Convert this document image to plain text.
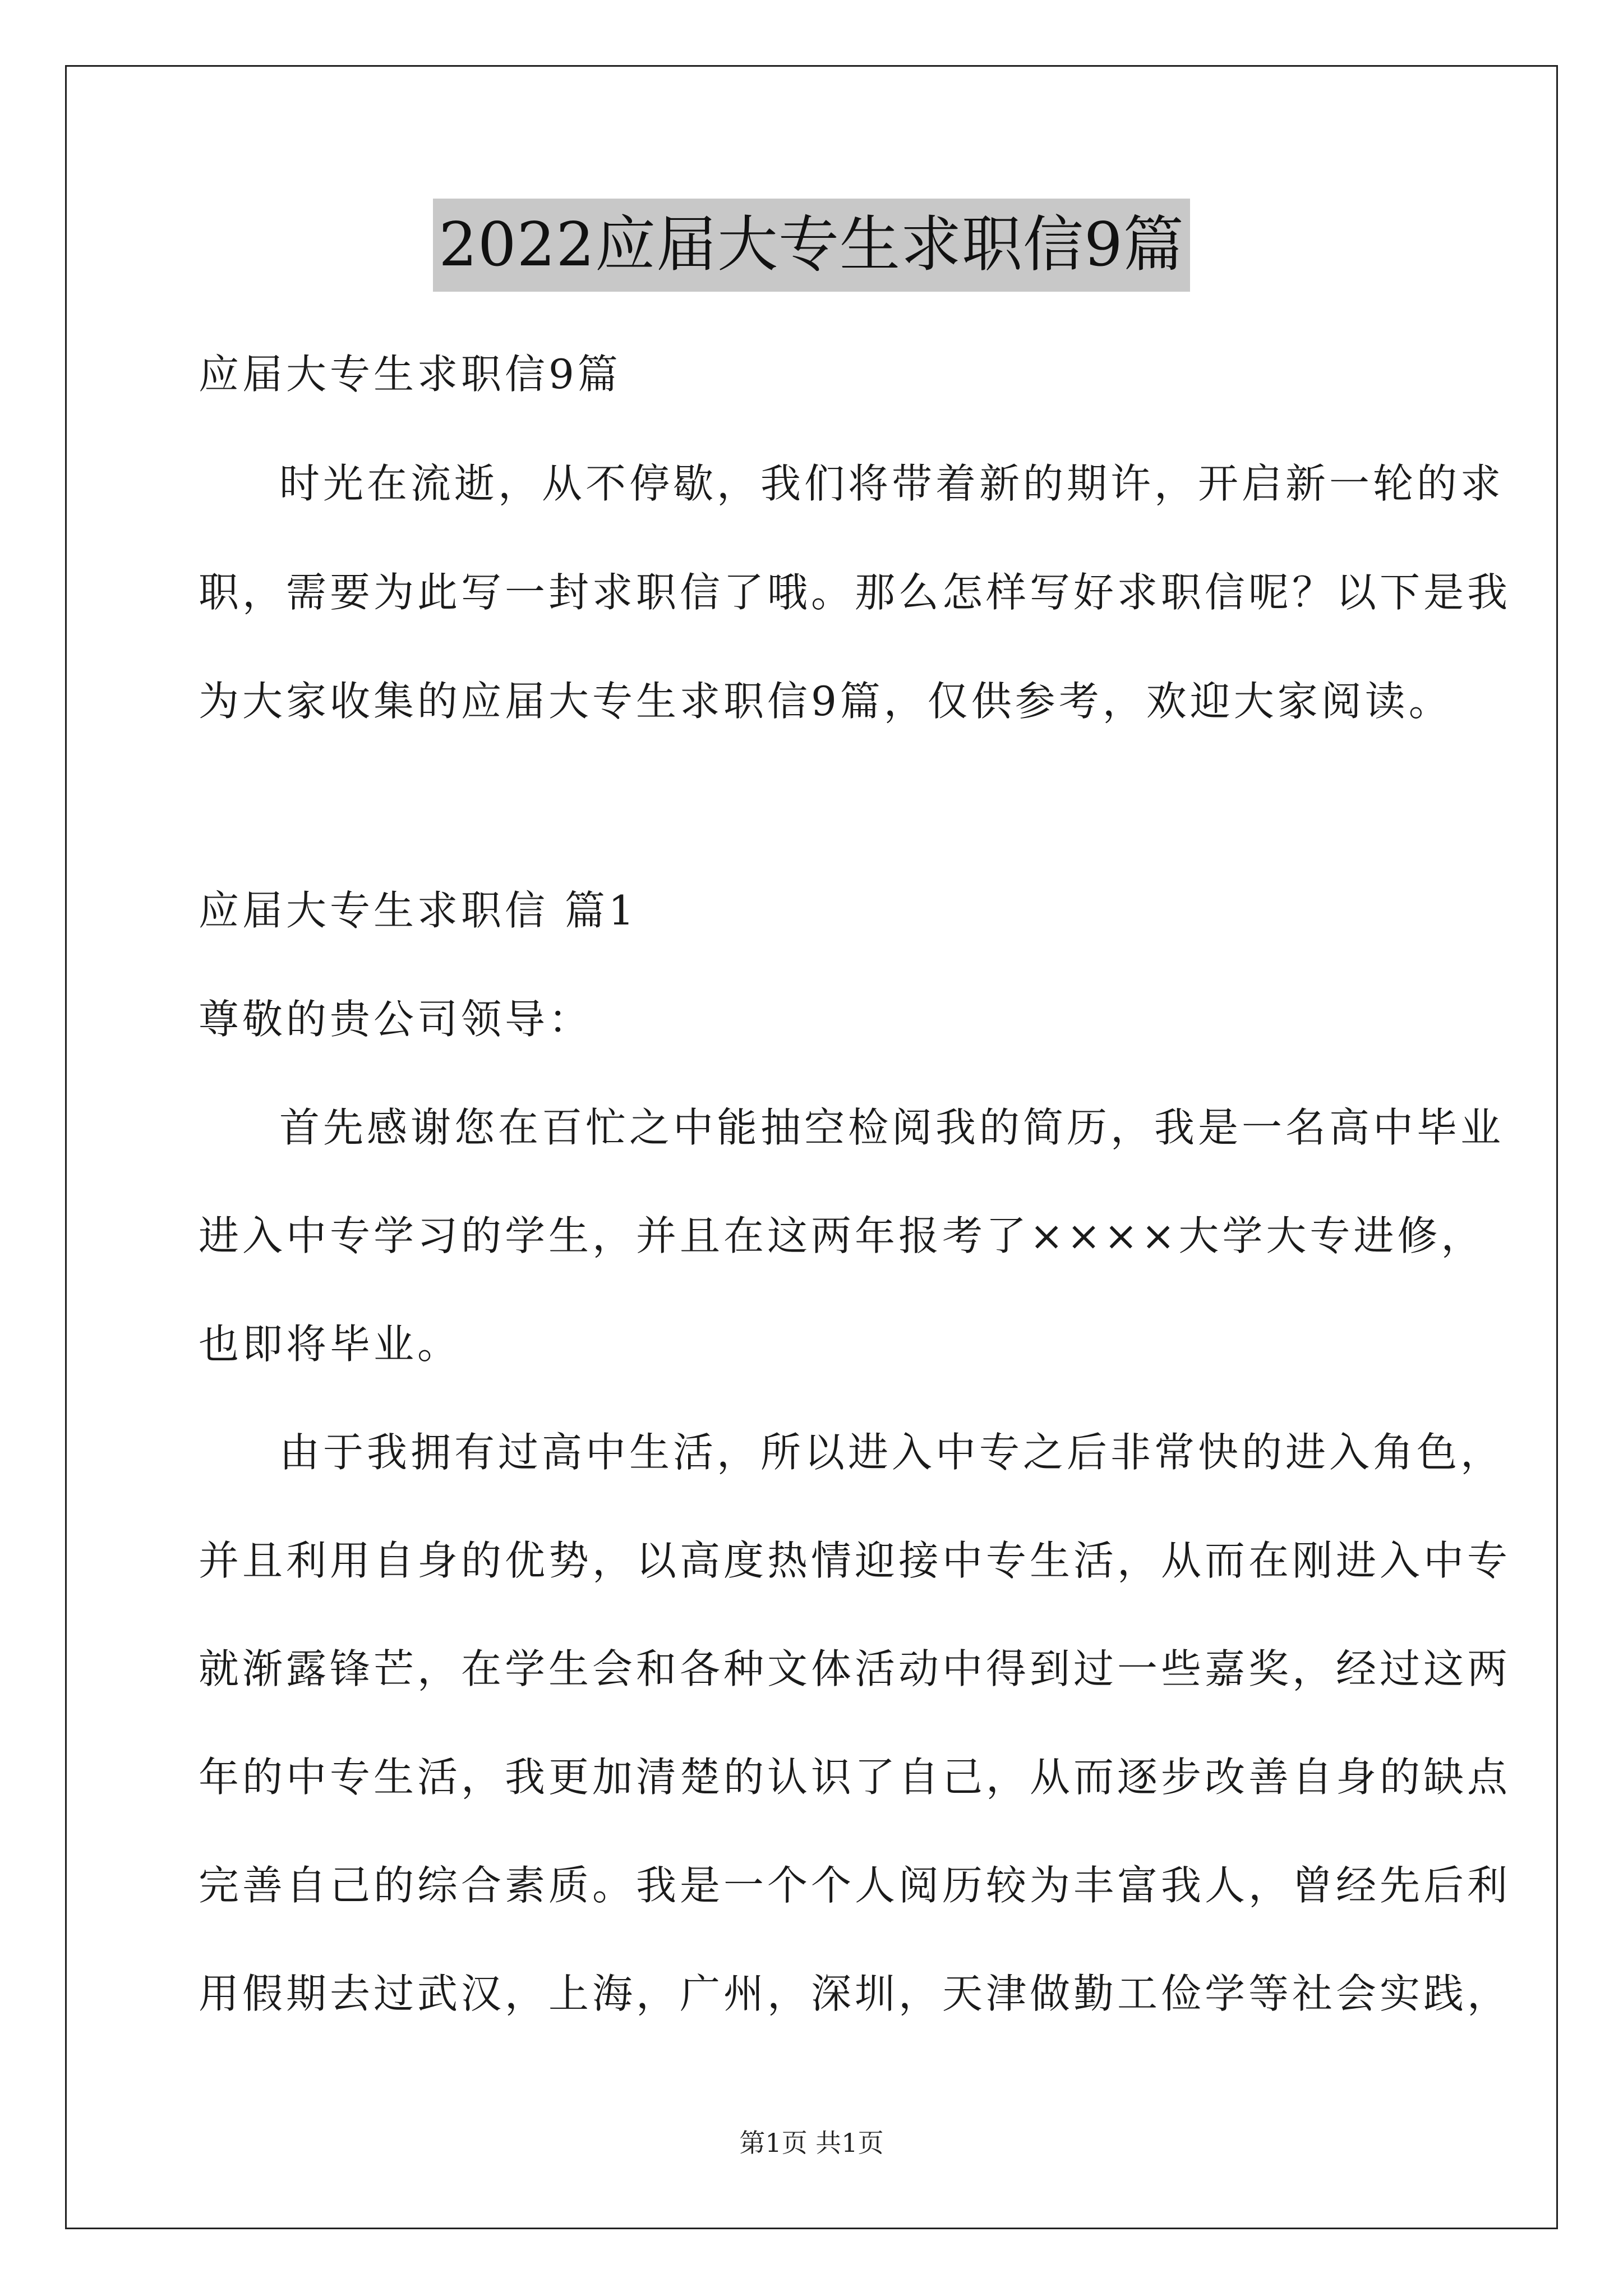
2022应届大专生求职信9篇
应届大专生求职信9篇
时光在流逝，从不停歇，我们将带着新的期许，开启新一轮的求
职，需要为此写一封求职信了哦。那么怎样写好求职信呢？以下是我
为大家收集的应届大专生求职信9篇，仅供参考，欢迎大家阅读。
应届大专生求职信 篇1
尊敬的贵公司领导：
首先感谢您在百忙之中能抽空检阅我的简历，我是一名高中毕业
进入中专学习的学生，并且在这两年报考了××××大学大专进修，
也即将毕业。
由于我拥有过高中生活，所以进入中专之后非常快的进入角色，
并且利用自身的优势，以高度热情迎接中专生活，从而在刚进入中专
就渐露锋芒，在学生会和各种文体活动中得到过一些嘉奖，经过这两
年的中专生活，我更加清楚的认识了自己，从而逐步改善自身的缺点
完善自己的综合素质。我是一个个人阅历较为丰富我人，曾经先后利
用假期去过武汉，上海，广州，深圳，天津做勤工俭学等社会实践，
第1页 共1页
